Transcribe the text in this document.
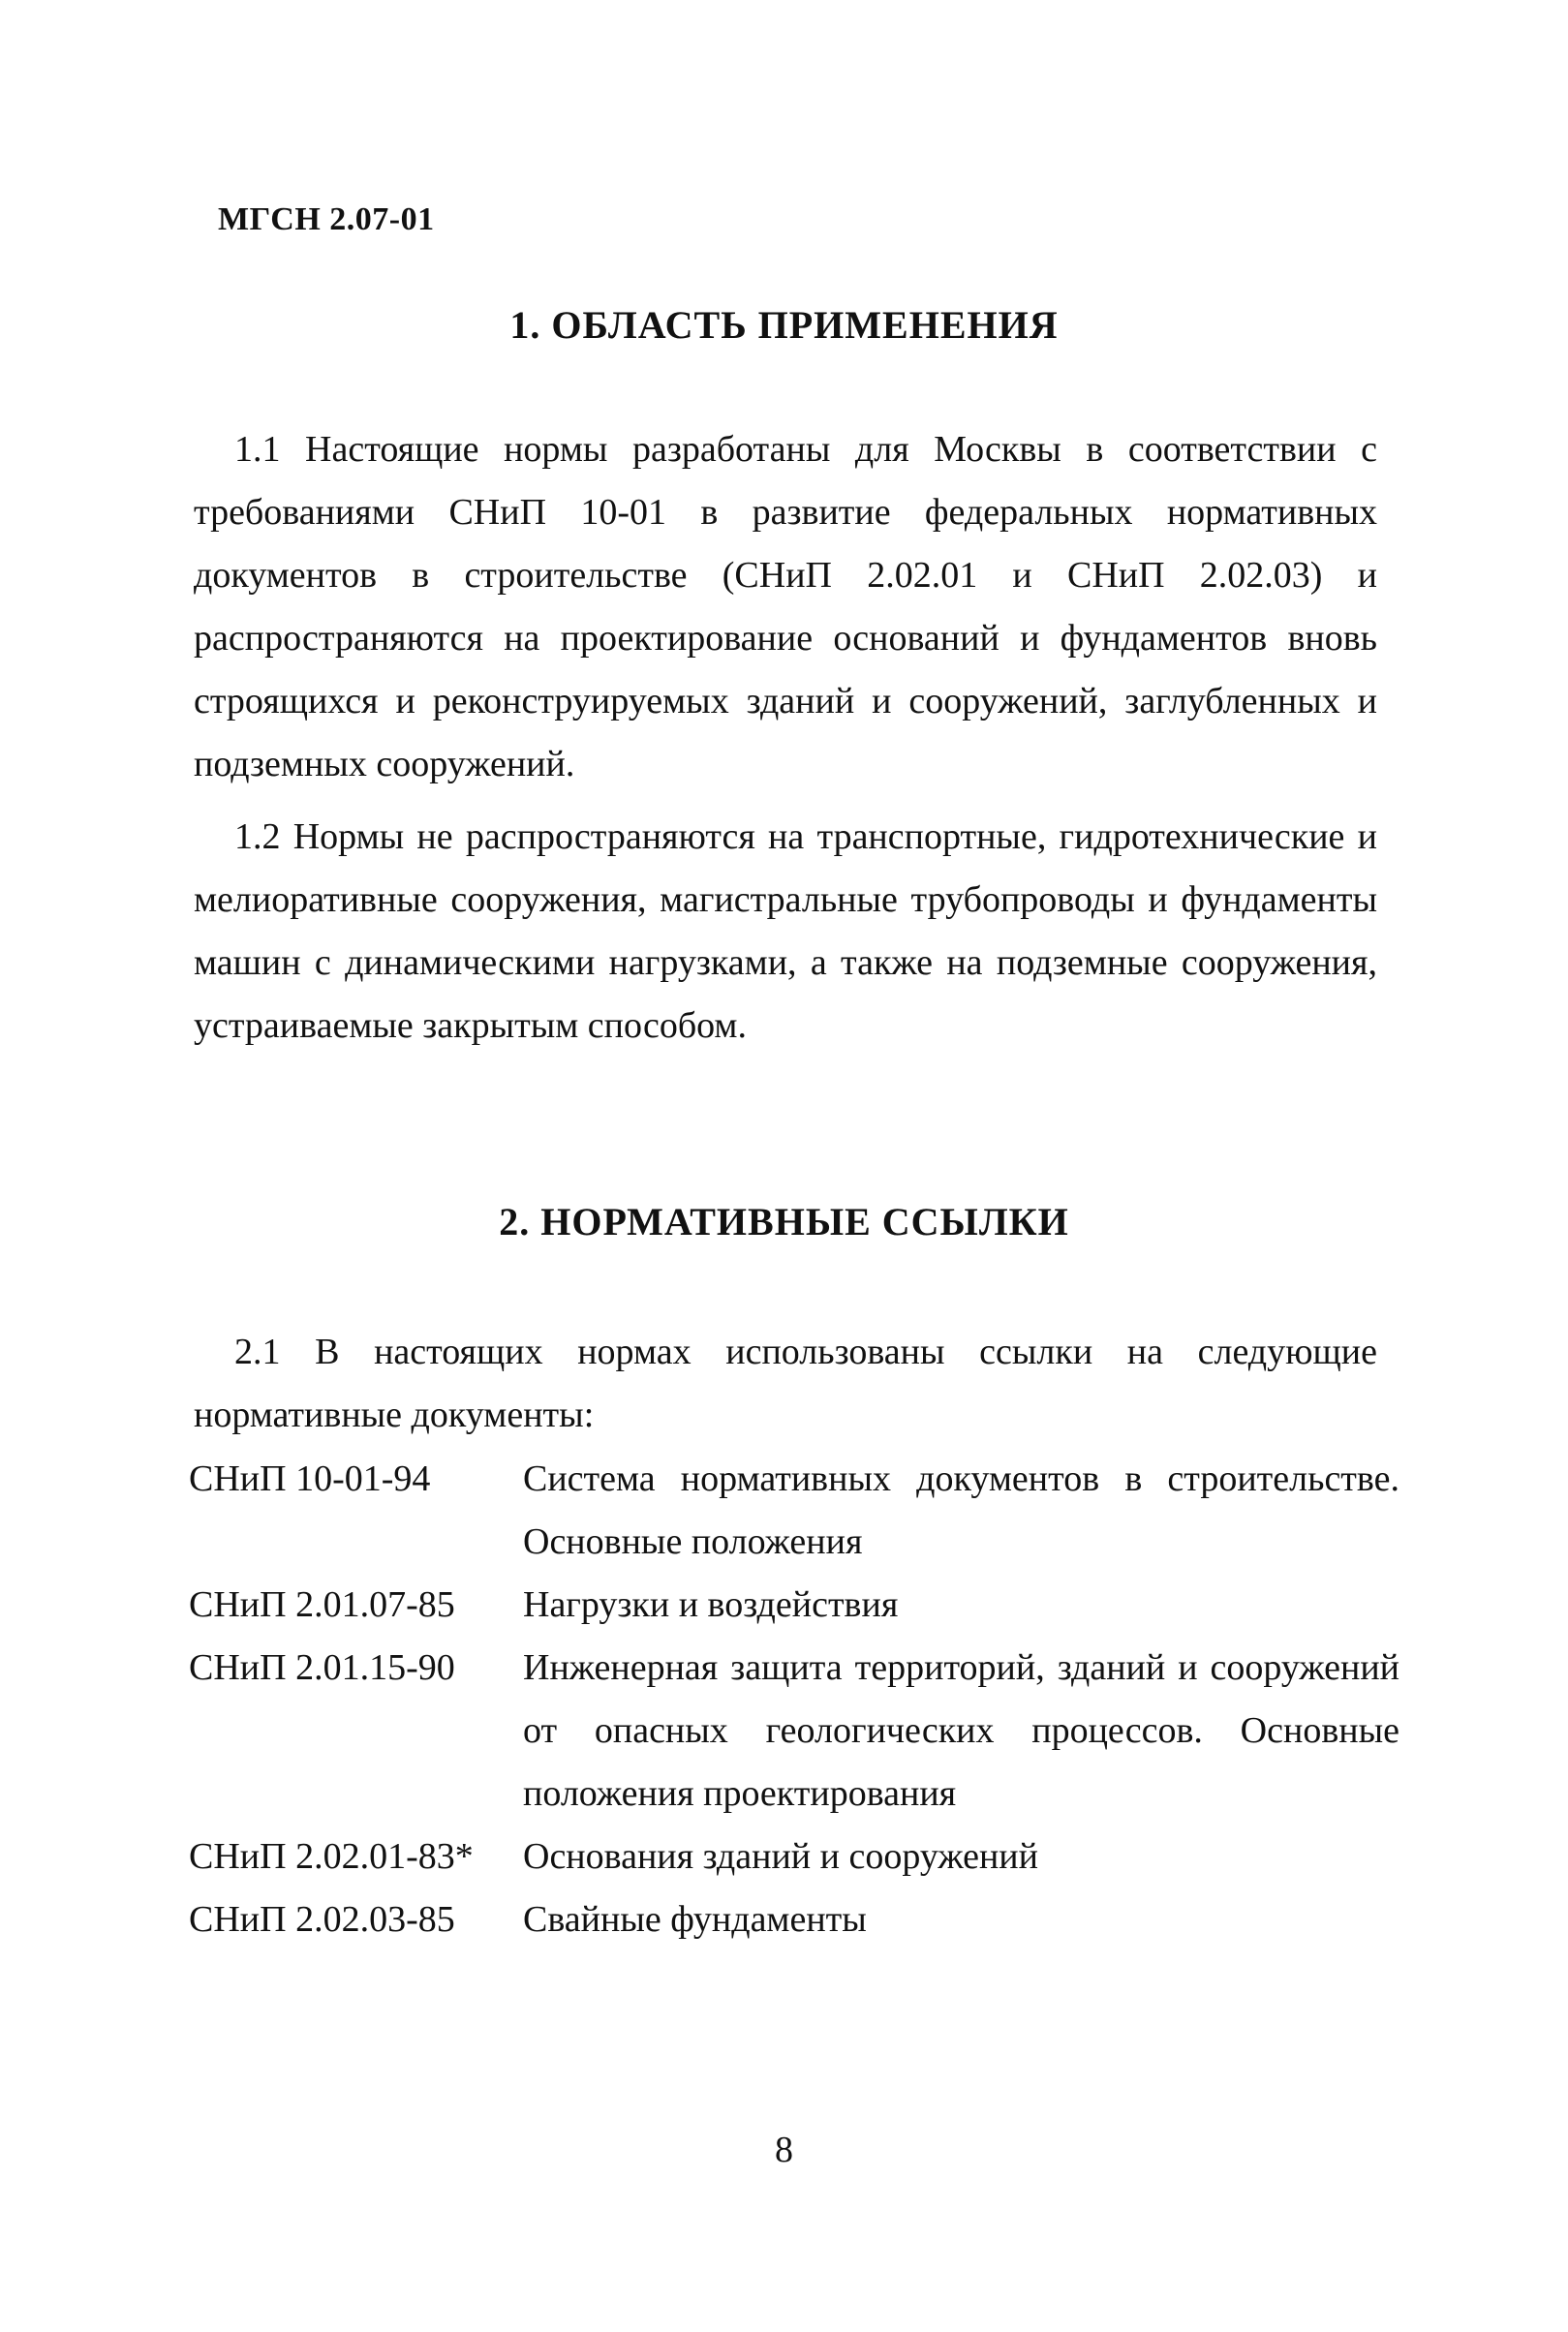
МГСН 2.07-01
1. ОБЛАСТЬ ПРИМЕНЕНИЯ
1.1 Настоящие нормы разработаны для Москвы в соответствии с требованиями СНиП 10-01 в развитие федеральных нормативных документов в строительстве (СНиП 2.02.01 и СНиП 2.02.03) и распространяются на проектирование оснований и фундаментов вновь строящихся и реконструируемых зданий и сооружений, заглубленных и подземных сооружений.
1.2 Нормы не распространяются на транспортные, гидротехнические и мелиоративные сооружения, магистральные трубопроводы и фундаменты машин с динамическими нагрузками, а также на подземные сооружения, устраиваемые закрытым способом.
2. НОРМАТИВНЫЕ ССЫЛКИ
2.1 В настоящих нормах использованы ссылки на следующие нормативные документы:
СНиП 10-01-94	Система нормативных документов в строительстве. Основные положения
СНиП 2.01.07-85	Нагрузки и воздействия
СНиП 2.01.15-90	Инженерная защита территорий, зданий и сооружений от опасных геологических процессов. Основные положения проектирования
СНиП 2.02.01-83*	Основания зданий и сооружений
СНиП 2.02.03-85	Свайные фундаменты
8
